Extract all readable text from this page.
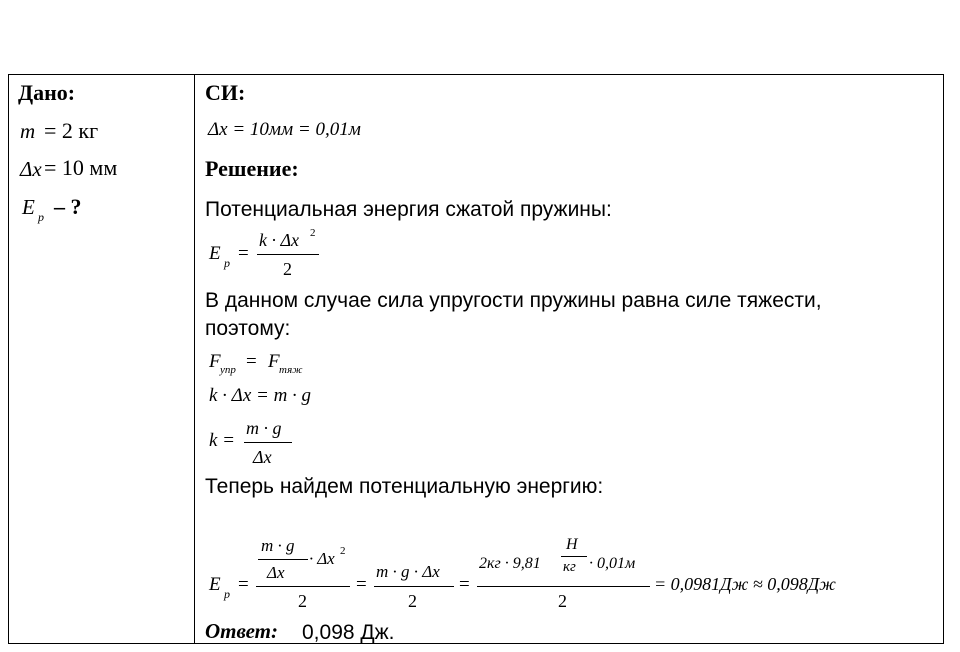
Дано:
m = 2 кг
Δx = 10 мм
E p – ?
СИ:
Δx = 10мм = 0,01м
Решение:
Потенциальная энергия сжатой пружины:
E p =
k · Δx 2
2
В данном случае сила упругости пружины равна силе тяжести,
поэтому:
F упр = F тяж
k · Δx = m · g
k =
m · g
Δx
Теперь найдем потенциальную энергию:
E p =
m · g
Δx
· Δx 2
2
=
m · g · Δx
2
=
2кг · 9,81
Н
кг · 0,01м
2
= 0,0981Дж ≈ 0,098Дж
Ответ: 0,098 Дж.
